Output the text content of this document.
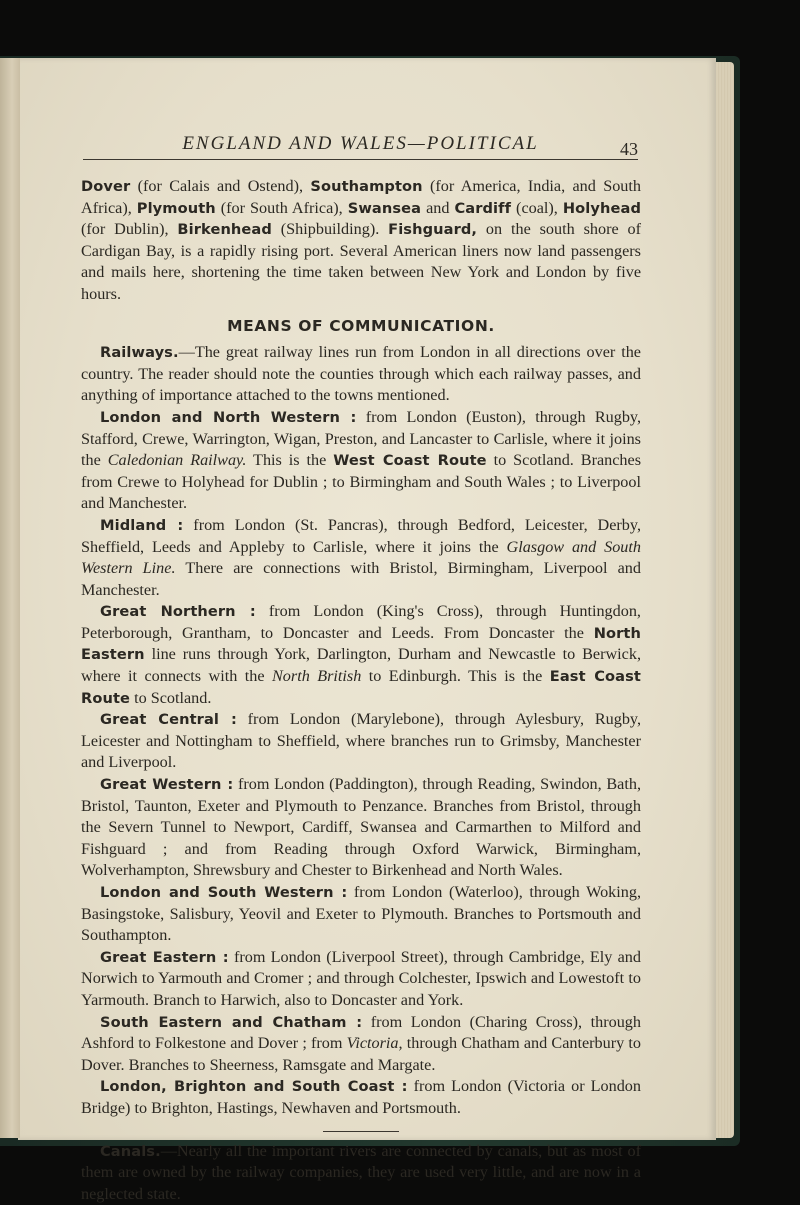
ENGLAND AND WALES—POLITICAL	43

Dover (for Calais and Ostend), Southampton (for America, India, and South Africa), Plymouth (for South Africa), Swansea and Cardiff (coal), Holyhead (for Dublin), Birkenhead (Shipbuilding). Fishguard, on the south shore of Cardigan Bay, is a rapidly rising port. Several American liners now land passengers and mails here, shortening the time taken between New York and London by five hours.

MEANS OF COMMUNICATION.

Railways.—The great railway lines run from London in all directions over the country. The reader should note the counties through which each railway passes, and anything of importance attached to the towns mentioned.

London and North Western : from London (Euston), through Rugby, Stafford, Crewe, Warrington, Wigan, Preston, and Lancaster to Carlisle, where it joins the Caledonian Railway. This is the West Coast Route to Scotland. Branches from Crewe to Holyhead for Dublin ; to Birmingham and South Wales ; to Liverpool and Manchester.

Midland : from London (St. Pancras), through Bedford, Leicester, Derby, Sheffield, Leeds and Appleby to Carlisle, where it joins the Glasgow and South Western Line. There are connections with Bristol, Birmingham, Liverpool and Manchester.

Great Northern : from London (King's Cross), through Huntingdon, Peterborough, Grantham, to Doncaster and Leeds. From Doncaster the North Eastern line runs through York, Darlington, Durham and Newcastle to Berwick, where it connects with the North British to Edinburgh. This is the East Coast Route to Scotland.

Great Central : from London (Marylebone), through Aylesbury, Rugby, Leicester and Nottingham to Sheffield, where branches run to Grimsby, Manchester and Liverpool.

Great Western : from London (Paddington), through Reading, Swindon, Bath, Bristol, Taunton, Exeter and Plymouth to Penzance. Branches from Bristol, through the Severn Tunnel to Newport, Cardiff, Swansea and Carmarthen to Milford and Fishguard ; and from Reading through Oxford Warwick, Birmingham, Wolverhampton, Shrewsbury and Chester to Birkenhead and North Wales.

London and South Western : from London (Waterloo), through Woking, Basingstoke, Salisbury, Yeovil and Exeter to Plymouth. Branches to Portsmouth and Southampton.

Great Eastern : from London (Liverpool Street), through Cambridge, Ely and Norwich to Yarmouth and Cromer ; and through Colchester, Ipswich and Lowestoft to Yarmouth. Branch to Harwich, also to Doncaster and York.

South Eastern and Chatham : from London (Charing Cross), through Ashford to Folkestone and Dover ; from Victoria, through Chatham and Canterbury to Dover. Branches to Sheerness, Ramsgate and Margate.

London, Brighton and South Coast : from London (Victoria or London Bridge) to Brighton, Hastings, Newhaven and Portsmouth.

Canals.—Nearly all the important rivers are connected by canals, but as most of them are owned by the railway companies, they are used very little, and are now in a neglected state.
